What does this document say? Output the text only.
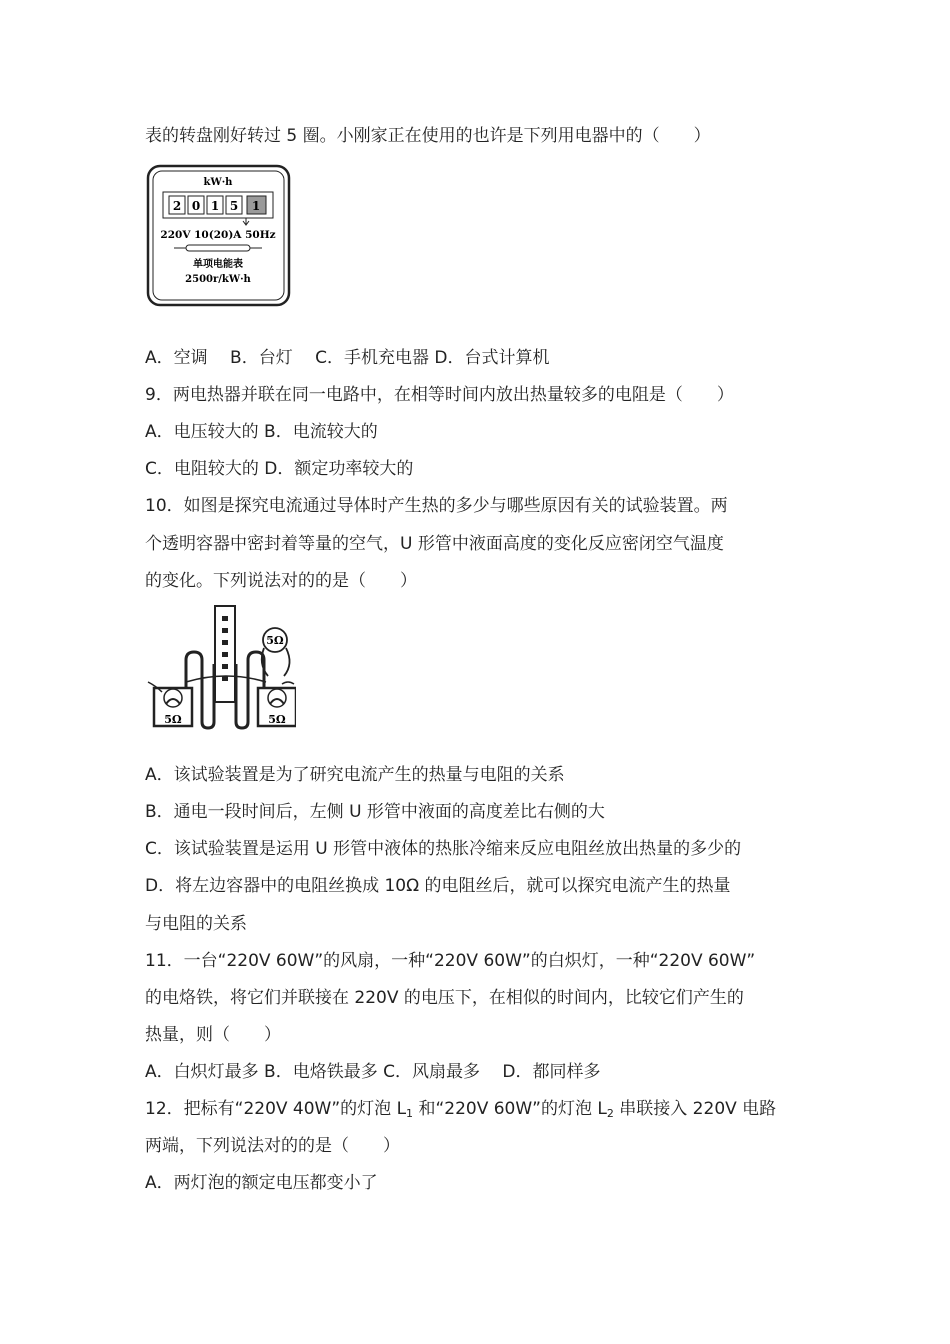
表的转盘刚好转过 5 圈。小刚家正在使用的也许是下列用电器中的（　　）
kW·h
2 0 1 5 1
220V 10(20)A 50Hz
单项电能表
2500r/kW·h
A．空调　 B．台灯　 C．手机充电器 D．台式计算机
9．两电热器并联在同一电路中，在相等时间内放出热量较多的电阻是（　　）
A．电压较大的 B．电流较大的
C．电阻较大的 D．额定功率较大的
10．如图是探究电流通过导体时产生热的多少与哪些原因有关的试验装置。两
个透明容器中密封着等量的空气，U 形管中液面高度的变化反应密闭空气温度
的变化。下列说法对的的是（　　）
5Ω
5Ω	5Ω
A．该试验装置是为了研究电流产生的热量与电阻的关系
B．通电一段时间后，左侧 U 形管中液面的高度差比右侧的大
C．该试验装置是运用 U 形管中液体的热胀冷缩来反应电阻丝放出热量的多少的
D．将左边容器中的电阻丝换成 10Ω 的电阻丝后，就可以探究电流产生的热量
与电阻的关系
11．一台“220V 60W”的风扇，一种“220V 60W”的白炽灯，一种“220V 60W”
的电烙铁，将它们并联接在 220V 的电压下，在相似的时间内，比较它们产生的
热量，则（　　）
A．白炽灯最多 B．电烙铁最多 C．风扇最多　 D．都同样多
12．把标有“220V 40W”的灯泡 $L_1$ 和“220V 60W”的灯泡 $L_2$ 串联接入 220V 电路
两端，下列说法对的的是（　　）
A．两灯泡的额定电压都变小了
